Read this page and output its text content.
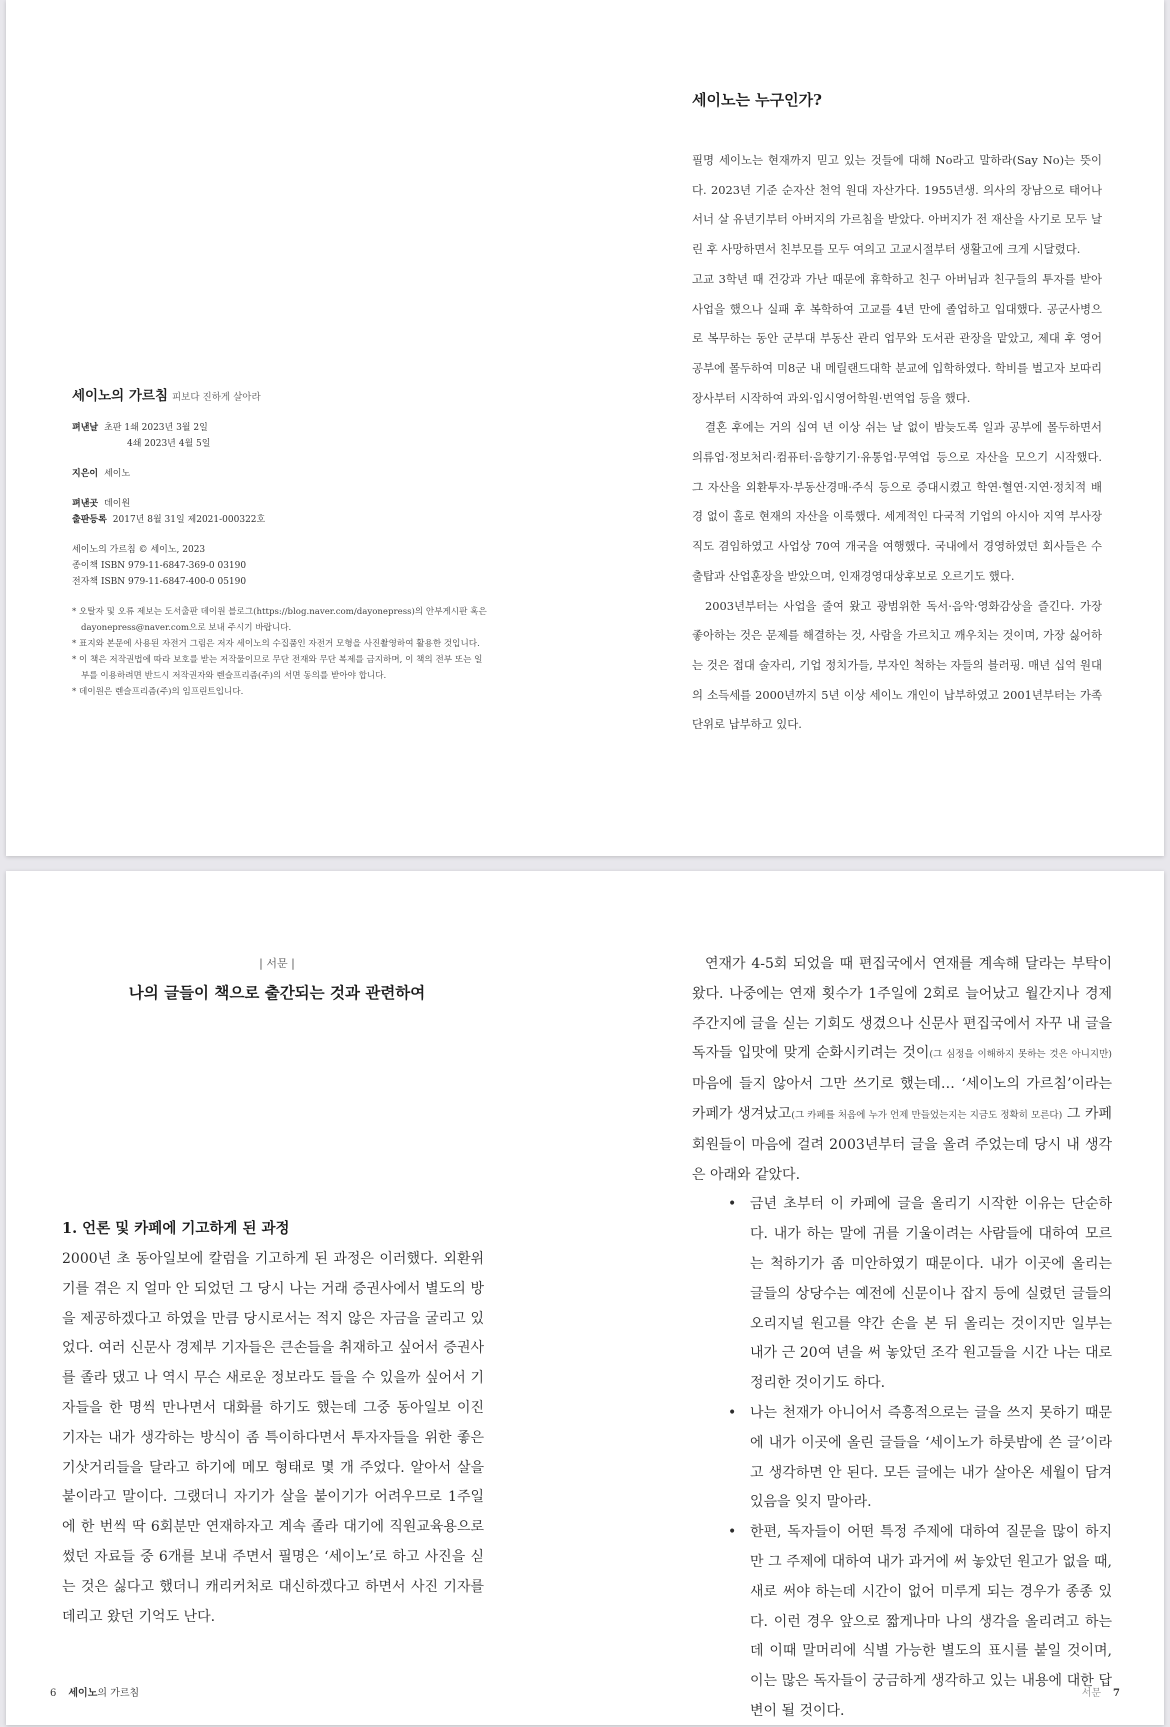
세이노의 가르침 피보다 진하게 살아라
펴낸날 초판 1쇄 2023년 3월 2일
4쇄 2023년 4월 5일
지은이 세이노
펴낸곳 데이원
출판등록 2017년 8월 31일 제2021-000322호
세이노의 가르침 © 세이노, 2023
종이책 ISBN 979-11-6847-369-0 03190
전자책 ISBN 979-11-6847-400-0 05190
* 오탈자 및 오류 제보는 도서출판 데이원 블로그(https://blog.naver.com/dayonepress)의 안부게시판 혹은 dayonepress@naver.com으로 보내 주시기 바랍니다.
* 표지와 본문에 사용된 자전거 그림은 저자 세이노의 수집품인 자전거 모형을 사진촬영하여 활용한 것입니다.
* 이 책은 저작권법에 따라 보호를 받는 저작물이므로 무단 전재와 무단 복제를 금지하며, 이 책의 전부 또는 일부를 이용하려면 반드시 저작권자와 렌슬프리즘(주)의 서면 동의를 받아야 합니다.
* 데이원은 렌슬프리즘(주)의 임프린트입니다.
세이노는 누구인가?

필명 세이노는 현재까지 믿고 있는 것들에 대해 No라고 말하라(Say No)는 뜻이다. 2023년 기준 순자산 천억 원대 자산가다. 1955년생. 의사의 장남으로 태어나 서너 살 유년기부터 아버지의 가르침을 받았다. 아버지가 전 재산을 사기로 모두 날린 후 사망하면서 친부모를 모두 여의고 고교시절부터 생활고에 크게 시달렸다.

고교 3학년 때 건강과 가난 때문에 휴학하고 친구 아버님과 친구들의 투자를 받아 사업을 했으나 실패 후 복학하여 고교를 4년 만에 졸업하고 입대했다. 공군사병으로 복무하는 동안 군부대 부동산 관리 업무와 도서관 관장을 맡았고, 제대 후 영어 공부에 몰두하여 미8군 내 메릴랜드대학 분교에 입학하였다. 학비를 벌고자 보따리 장사부터 시작하여 과외·입시영어학원·번역업 등을 했다.

결혼 후에는 거의 십여 년 이상 쉬는 날 없이 밤늦도록 일과 공부에 몰두하면서 의류업·정보처리·컴퓨터·음향기기·유통업·무역업 등으로 자산을 모으기 시작했다. 그 자산을 외환투자·부동산경매·주식 등으로 증대시켰고 학연·혈연·지연·정치적 배경 없이 홀로 현재의 자산을 이룩했다. 세계적인 다국적 기업의 아시아 지역 부사장직도 겸임하였고 사업상 70여 개국을 여행했다. 국내에서 경영하였던 회사들은 수출탑과 산업훈장을 받았으며, 인재경영대상후보로 오르기도 했다.

2003년부터는 사업을 줄여 왔고 광범위한 독서·음악·영화감상을 즐긴다. 가장 좋아하는 것은 문제를 해결하는 것, 사람을 가르치고 깨우치는 것이며, 가장 싫어하는 것은 접대 술자리, 기업 정치가들, 부자인 척하는 자들의 블러핑. 매년 십억 원대의 소득세를 2000년까지 5년 이상 세이노 개인이 납부하였고 2001년부터는 가족 단위로 납부하고 있다.

| 서문 |
나의 글들이 책으로 출간되는 것과 관련하여
1. 언론 및 카페에 기고하게 된 과정

2000년 초 동아일보에 칼럼을 기고하게 된 과정은 이러했다. 외환위기를 겪은 지 얼마 안 되었던 그 당시 나는 거래 증권사에서 별도의 방을 제공하겠다고 하였을 만큼 당시로서는 적지 않은 자금을 굴리고 있었다. 여러 신문사 경제부 기자들은 큰손들을 취재하고 싶어서 증권사를 졸라 댔고 나 역시 무슨 새로운 정보라도 들을 수 있을까 싶어서 기자들을 한 명씩 만나면서 대화를 하기도 했는데 그중 동아일보 이진 기자는 내가 생각하는 방식이 좀 특이하다면서 투자자들을 위한 좋은 기삿거리들을 달라고 하기에 메모 형태로 몇 개 주었다. 알아서 살을 붙이라고 말이다. 그랬더니 자기가 살을 붙이기가 어려우므로 1주일에 한 번씩 딱 6회분만 연재하자고 계속 졸라 대기에 직원교육용으로 썼던 자료들 중 6개를 보내 주면서 필명은 ‘세이노’로 하고 사진을 싣는 것은 싫다고 했더니 캐리커처로 대신하겠다고 하면서 사진 기자를 데리고 왔던 기억도 난다.

연재가 4-5회 되었을 때 편집국에서 연재를 계속해 달라는 부탁이 왔다. 나중에는 연재 횟수가 1주일에 2회로 늘어났고 월간지나 경제주간지에 글을 싣는 기회도 생겼으나 신문사 편집국에서 자꾸 내 글을 독자들 입맛에 맞게 순화시키려는 것이(그 심정을 이해하지 못하는 것은 아니지만) 마음에 들지 않아서 그만 쓰기로 했는데… ‘세이노의 가르침’이라는 카페가 생겨났고(그 카페를 처음에 누가 언제 만들었는지는 지금도 정확히 모른다) 그 카페 회원들이 마음에 걸려 2003년부터 글을 올려 주었는데 당시 내 생각은 아래와 같았다.

• 금년 초부터 이 카페에 글을 올리기 시작한 이유는 단순하다. 내가 하는 말에 귀를 기울이려는 사람들에 대하여 모르는 척하기가 좀 미안하였기 때문이다. 내가 이곳에 올리는 글들의 상당수는 예전에 신문이나 잡지 등에 실렸던 글들의 오리지널 원고를 약간 손을 본 뒤 올리는 것이지만 일부는 내가 근 20여 년을 써 놓았던 조각 원고들을 시간 나는 대로 정리한 것이기도 하다.

• 나는 천재가 아니어서 즉흥적으로는 글을 쓰지 못하기 때문에 내가 이곳에 올린 글들을 ‘세이노가 하룻밤에 쓴 글’이라고 생각하면 안 된다. 모든 글에는 내가 살아온 세월이 담겨 있음을 잊지 말아라.

• 한편, 독자들이 어떤 특정 주제에 대하여 질문을 많이 하지만 그 주제에 대하여 내가 과거에 써 놓았던 원고가 없을 때, 새로 써야 하는데 시간이 없어 미루게 되는 경우가 종종 있다. 이런 경우 앞으로 짧게나마 나의 생각을 올리려고 하는데 이때 말머리에 식별 가능한 별도의 표시를 붙일 것이며, 이는 많은 독자들이 궁금하게 생각하고 있는 내용에 대한 답변이 될 것이다.

6 세이노의 가르침	서문 7
